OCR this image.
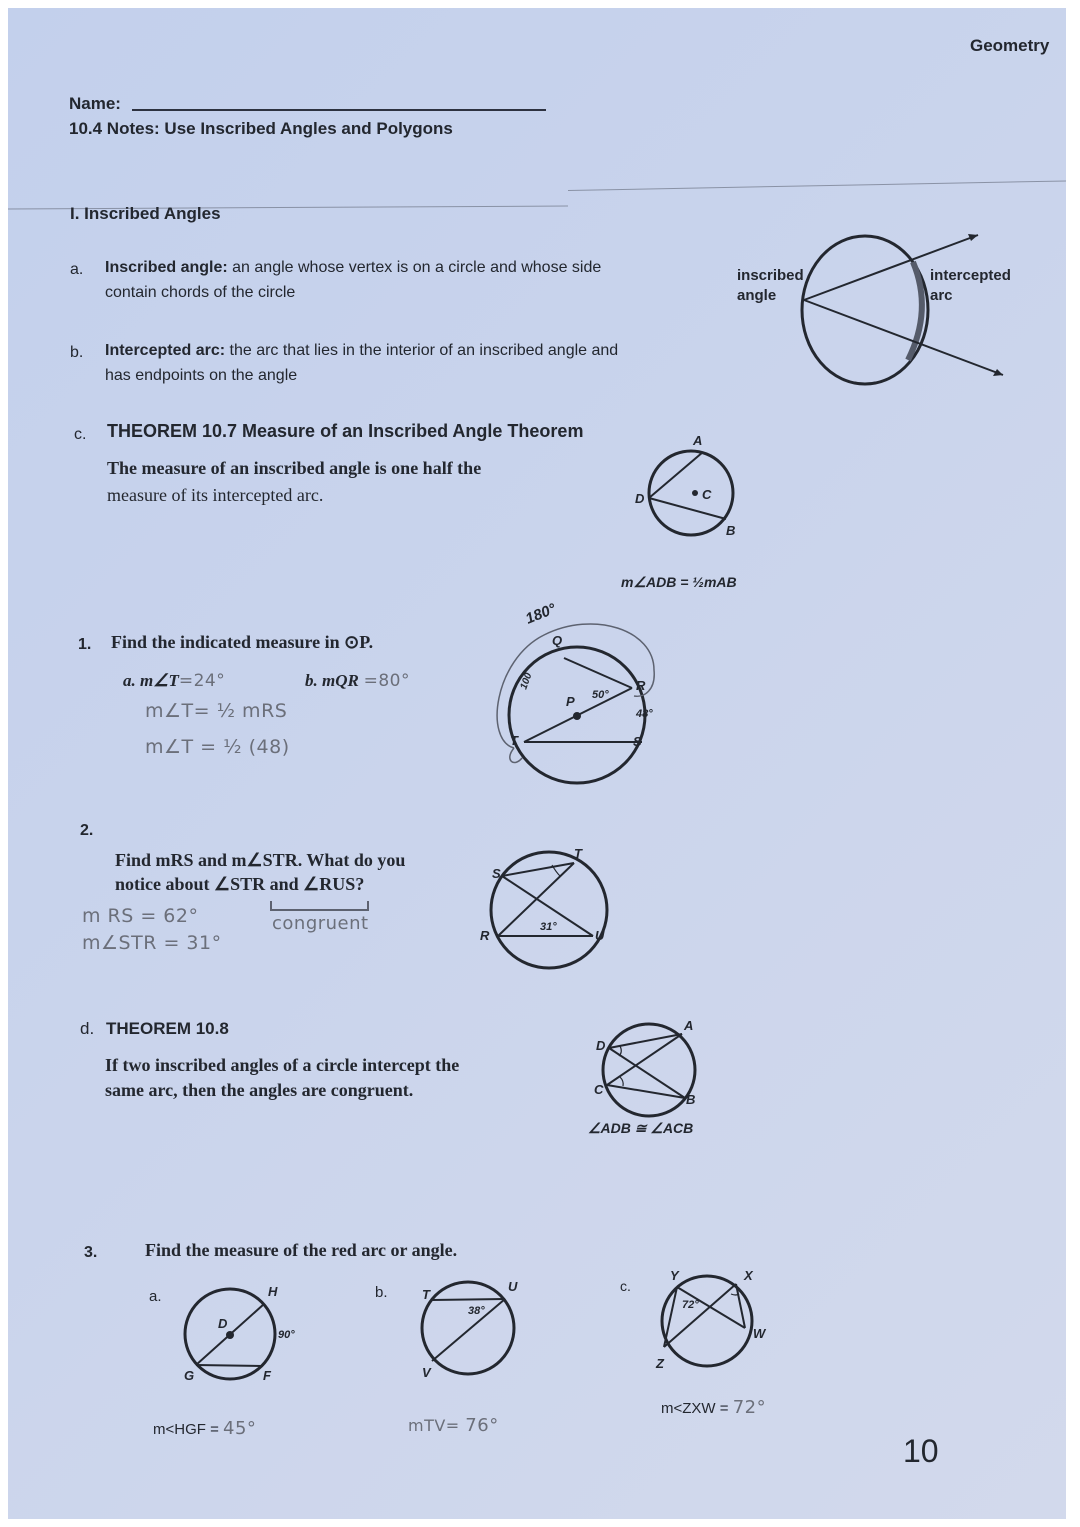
Geometry
Name:
10.4 Notes: Use Inscribed Angles and Polygons
I. Inscribed Angles
a. Inscribed angle: an angle whose vertex is on a circle and whose side
contain chords of the circle
b. Intercepted arc: the arc that lies in the interior of an inscribed angle and
has endpoints on the angle
inscribed
angle
intercepted
arc
c. THEOREM 10.7 Measure of an Inscribed Angle Theorem
The measure of an inscribed angle is one half the
measure of its intercepted arc.
A
D	C
B
m∠ADB = ½mAB
1. Find the indicated measure in ⊙P.
a. m∠T=24°	b. mQR =80°
m∠T= ½ mRS
m∠T = ½ (48)
Q
R
S
T
P 50°
48°
180°
100
2.
Find mRS and m∠STR. What do you
notice about ∠STR and ∠RUS?
m RS = 62°
m∠STR = 31°
congruent
S
T
R	U
31°
d. THEOREM 10.8
If two inscribed angles of a circle intercept the
same arc, then the angles are congruent.
A
D
C
B
∠ADB ≅ ∠ACB
3.	Find the measure of the red arc or angle.
a.	H
D
G	F
90°
m<HGF = 45°
b.	T
U
V
38°
mTV= 76°
c.
Y	X
W
Z
72°
m<ZXW = 72°
10
